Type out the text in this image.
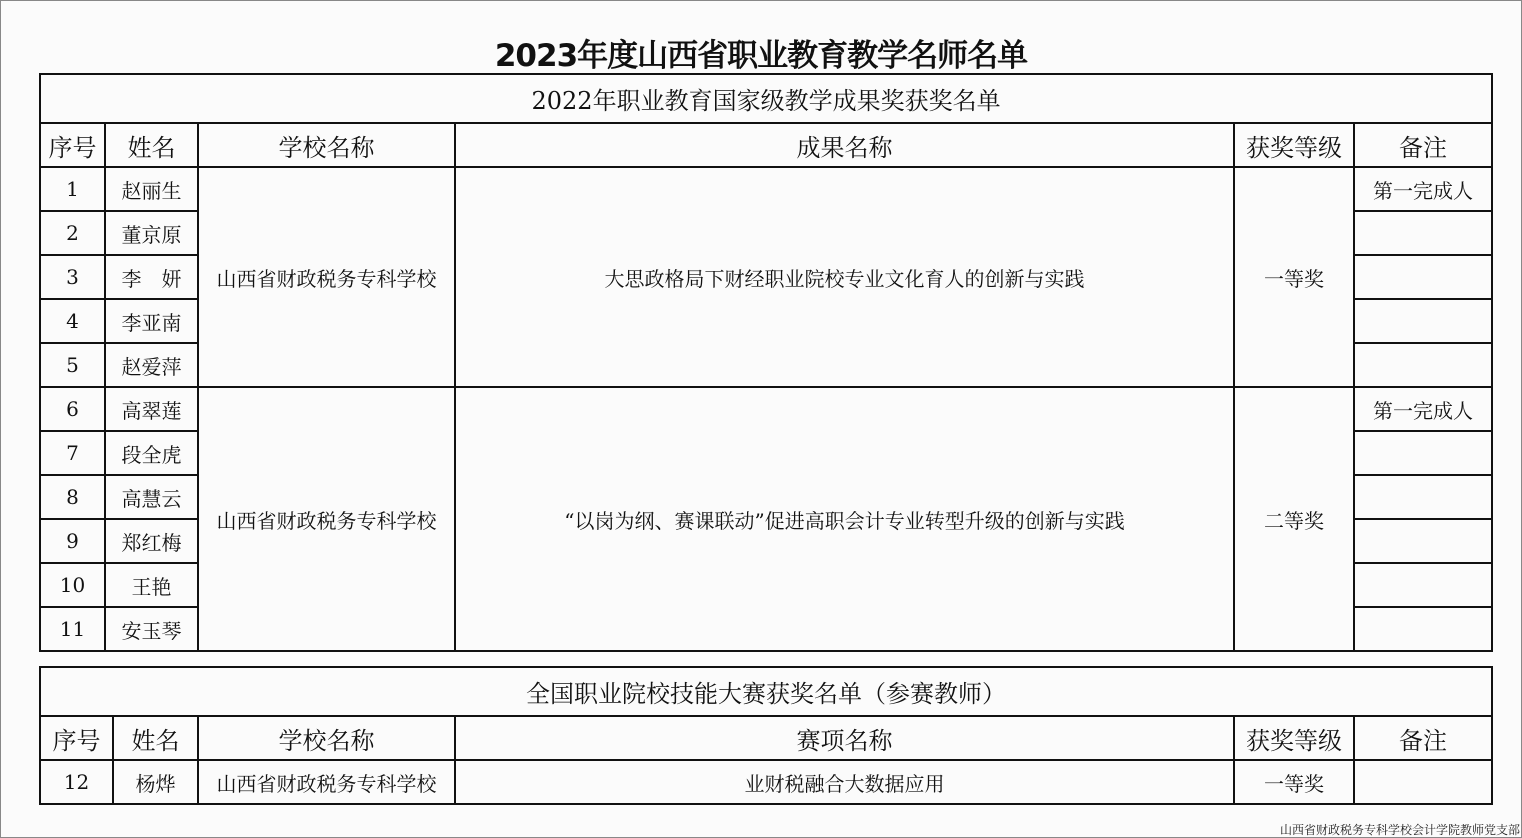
2023年度山西省职业教育教学名师名单
2022年职业教育国家级教学成果奖获奖名单					
序号	姓名	学校名称	成果名称	获奖等级	备注
1	赵丽生	山西省财政税务专科学校	大思政格局下财经职业院校专业文化育人的创新与实践	一等奖	第一完成人
2	董京原				
3	李　妍				
4	李亚南				
5	赵爱萍				
6	高翠莲	山西省财政税务专科学校	“以岗为纲、赛课联动”促进高职会计专业转型升级的创新与实践	二等奖	第一完成人
7	段全虎				
8	高慧云				
9	郑红梅				
10	王艳				
11	安玉琴				
全国职业院校技能大赛获奖名单（参赛教师）					
序号	姓名	学校名称	赛项名称	获奖等级	备注
12	杨烨	山西省财政税务专科学校	业财税融合大数据应用	一等奖	
山西省财政税务专科学校会计学院教师党支部
